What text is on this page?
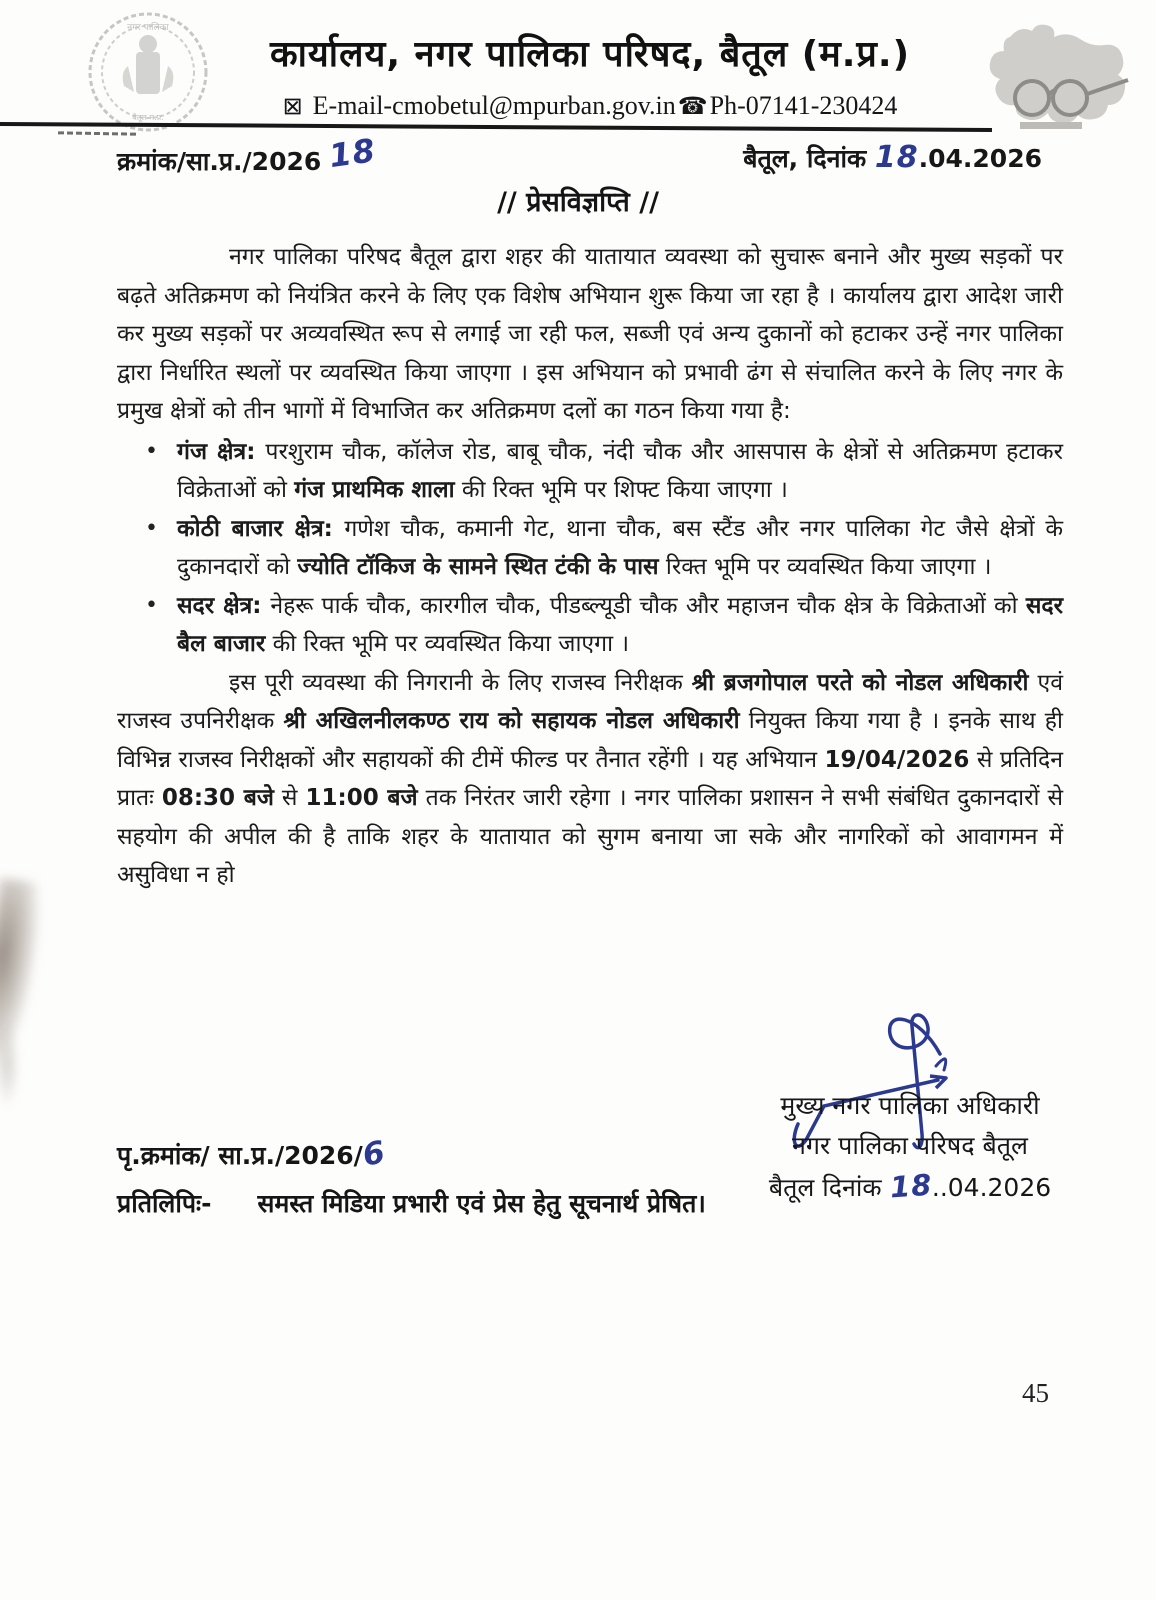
नगर पालिका
बैतूल म.प्र.
कार्यालय, नगर पालिका परिषद, बैतूल (म.प्र.)
⊠ E-mail-cmobetul@mpurban.gov.in☎Ph-07141-230424
क्रमांक/सा.प्र./2026 18	बैतूल, दिनांक 18.04.2026
// प्रेसविज्ञप्ति //

नगर पालिका परिषद बैतूल द्वारा शहर की यातायात व्यवस्था को सुचारू बनाने और मुख्य सड़कों पर बढ़ते अतिक्रमण को नियंत्रित करने के लिए एक विशेष अभियान शुरू किया जा रहा है । कार्यालय द्वारा आदेश जारी कर मुख्य सड़कों पर अव्यवस्थित रूप से लगाई जा रही फल, सब्जी एवं अन्य दुकानों को हटाकर उन्हें नगर पालिका द्वारा निर्धारित स्थलों पर व्यवस्थित किया जाएगा । इस अभियान को प्रभावी ढंग से संचालित करने के लिए नगर के प्रमुख क्षेत्रों को तीन भागों में विभाजित कर अतिक्रमण दलों का गठन किया गया है:

• गंज क्षेत्र: परशुराम चौक, कॉलेज रोड, बाबू चौक, नंदी चौक और आसपास के क्षेत्रों से अतिक्रमण हटाकर विक्रेताओं को गंज प्राथमिक शाला की रिक्त भूमि पर शिफ्ट किया जाएगा ।
• कोठी बाजार क्षेत्र: गणेश चौक, कमानी गेट, थाना चौक, बस स्टैंड और नगर पालिका गेट जैसे क्षेत्रों के दुकानदारों को ज्योति टॉकिज के सामने स्थित टंकी के पास रिक्त भूमि पर व्यवस्थित किया जाएगा ।
• सदर क्षेत्र: नेहरू पार्क चौक, कारगील चौक, पीडब्ल्यूडी चौक और महाजन चौक क्षेत्र के विक्रेताओं को सदर बैल बाजार की रिक्त भूमि पर व्यवस्थित किया जाएगा ।

इस पूरी व्यवस्था की निगरानी के लिए राजस्व निरीक्षक श्री ब्रजगोपाल परते को नोडल अधिकारी एवं राजस्व उपनिरीक्षक श्री अखिलनीलकण्ठ राय को सहायक नोडल अधिकारी नियुक्त किया गया है । इनके साथ ही विभिन्न राजस्व निरीक्षकों और सहायकों की टीमें फील्ड पर तैनात रहेंगी । यह अभियान 19/04/2026 से प्रतिदिन प्रातः 08:30 बजे से 11:00 बजे तक निरंतर जारी रहेगा । नगर पालिका प्रशासन ने सभी संबंधित दुकानदारों से सहयोग की अपील की है ताकि शहर के यातायात को सुगम बनाया जा सके और नागरिकों को आवागमन में असुविधा न हो

मुख्य नगर पालिका अधिकारी
नगर पालिका परिषद बैतूल
बैतूल दिनांक 18..04.2026
पृ.क्रमांक/ सा.प्र./2026/6
प्रतिलिपिः- समस्त मिडिया प्रभारी एवं प्रेस हेतु सूचनार्थ प्रेषित।
45
